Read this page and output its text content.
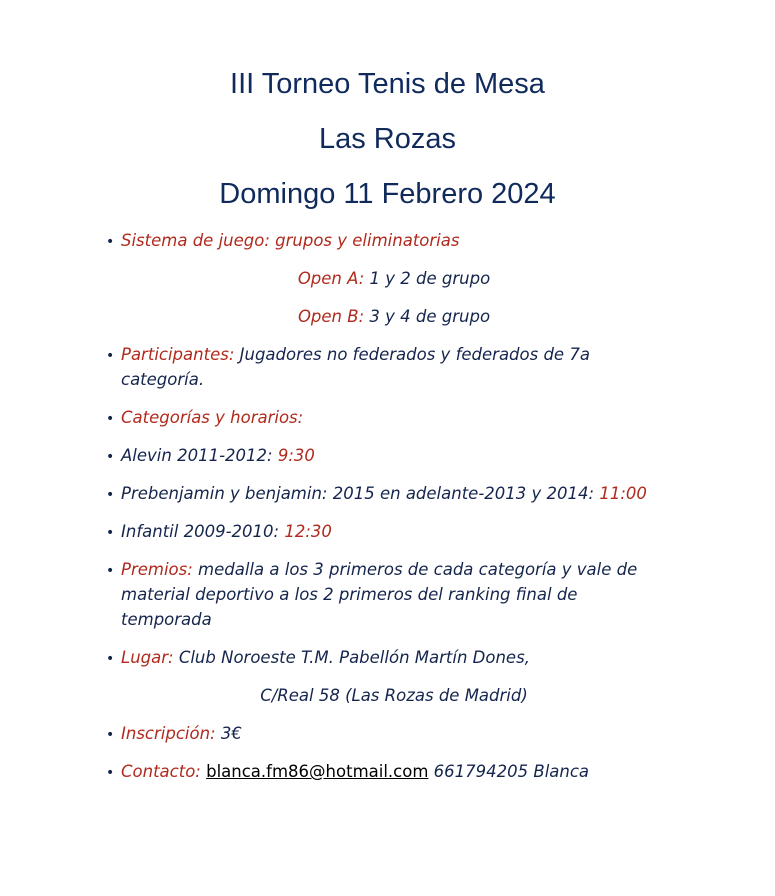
III Torneo Tenis de Mesa
Las Rozas
Domingo 11 Febrero 2024
• Sistema de juego: grupos y eliminatorias
Open A: 1 y 2 de grupo
Open B: 3 y 4 de grupo
• Participantes: Jugadores no federados y federados de 7a categoría.
• Categorías y horarios:
• Alevin 2011-2012: 9:30
• Prebenjamin y benjamin: 2015 en adelante-2013 y 2014: 11:00
• Infantil 2009-2010: 12:30
• Premios: medalla a los 3 primeros de cada categoría y vale de material deportivo a los 2 primeros del ranking final de temporada
• Lugar: Club Noroeste T.M. Pabellón Martín Dones,
C/Real 58 (Las Rozas de Madrid)
• Inscripción: 3€
• Contacto: blanca.fm86@hotmail.com 661794205 Blanca
